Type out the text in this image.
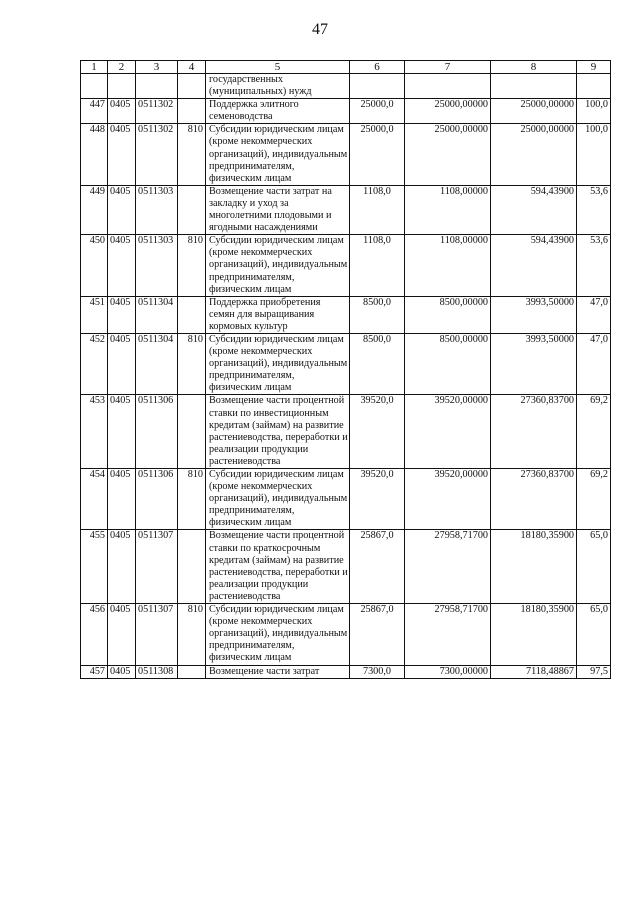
47
1	2	3	4	5	6	7	8	9
				государственных (муниципальных) нужд				
447	0405	0511302		Поддержка элитного семеноводства	25000,0	25000,00000	25000,00000	100,0
448	0405	0511302	810	Субсидии юридическим лицам (кроме некоммерческих организаций), индивидуальным предпринимателям, физическим лицам	25000,0	25000,00000	25000,00000	100,0
449	0405	0511303		Возмещение части затрат на закладку и уход за многолетними плодовыми и ягодными насаждениями	1108,0	1108,00000	594,43900	53,6
450	0405	0511303	810	Субсидии юридическим лицам (кроме некоммерческих организаций), индивидуальным предпринимателям, физическим лицам	1108,0	1108,00000	594,43900	53,6
451	0405	0511304		Поддержка приобретения семян для выращивания кормовых культур	8500,0	8500,00000	3993,50000	47,0
452	0405	0511304	810	Субсидии юридическим лицам (кроме некоммерческих организаций), индивидуальным предпринимателям, физическим лицам	8500,0	8500,00000	3993,50000	47,0
453	0405	0511306		Возмещение части процентной ставки по инвестиционным кредитам (займам) на развитие растениеводства, переработки и реализации продукции растениеводства	39520,0	39520,00000	27360,83700	69,2
454	0405	0511306	810	Субсидии юридическим лицам (кроме некоммерческих организаций), индивидуальным предпринимателям, физическим лицам	39520,0	39520,00000	27360,83700	69,2
455	0405	0511307		Возмещение части процентной ставки по краткосрочным кредитам (займам) на развитие растениеводства, переработки и реализации продукции растениеводства	25867,0	27958,71700	18180,35900	65,0
456	0405	0511307	810	Субсидии юридическим лицам (кроме некоммерческих организаций), индивидуальным предпринимателям, физическим лицам	25867,0	27958,71700	18180,35900	65,0
457	0405	0511308		Возмещение части затрат	7300,0	7300,00000	7118,48867	97,5
